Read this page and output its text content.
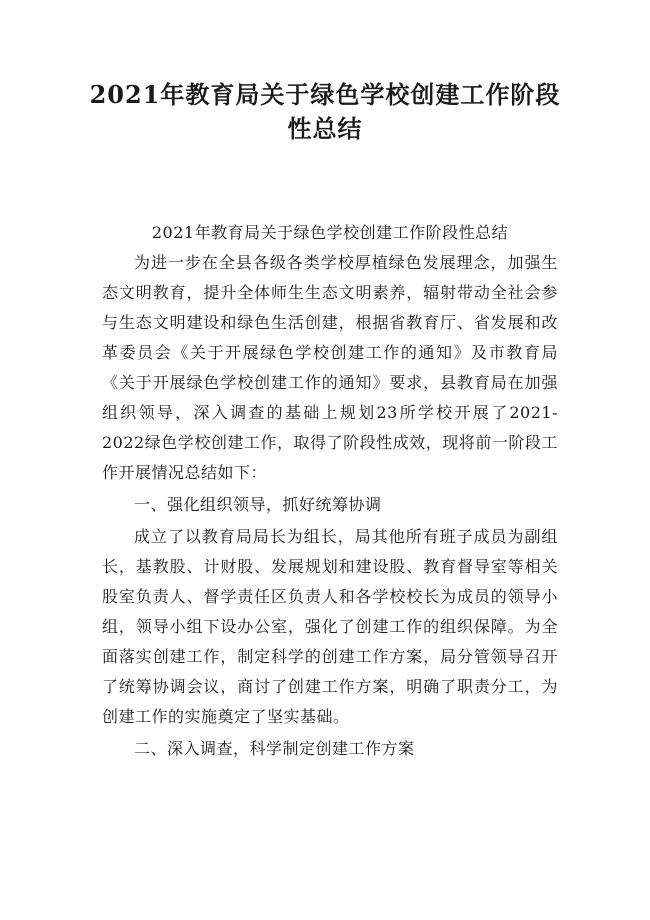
2021年教育局关于绿色学校创建工作阶段
性总结

2021年教育局关于绿色学校创建工作阶段性总结

为进一步在全县各级各类学校厚植绿色发展理念，加强生态文明教育，提升全体师生生态文明素养，辐射带动全社会参与生态文明建设和绿色生活创建，根据省教育厅、省发展和改革委员会《关于开展绿色学校创建工作的通知》及市教育局《关于开展绿色学校创建工作的通知》要求，县教育局在加强组织领导，深入调查的基础上规划23所学校开展了2021-2022绿色学校创建工作，取得了阶段性成效，现将前一阶段工作开展情况总结如下：

一、强化组织领导，抓好统筹协调

成立了以教育局局长为组长，局其他所有班子成员为副组长，基教股、计财股、发展规划和建设股、教育督导室等相关股室负责人、督学责任区负责人和各学校校长为成员的领导小组，领导小组下设办公室，强化了创建工作的组织保障。为全面落实创建工作，制定科学的创建工作方案，局分管领导召开了统筹协调会议，商讨了创建工作方案，明确了职责分工，为创建工作的实施奠定了坚实基础。

二、深入调查，科学制定创建工作方案
